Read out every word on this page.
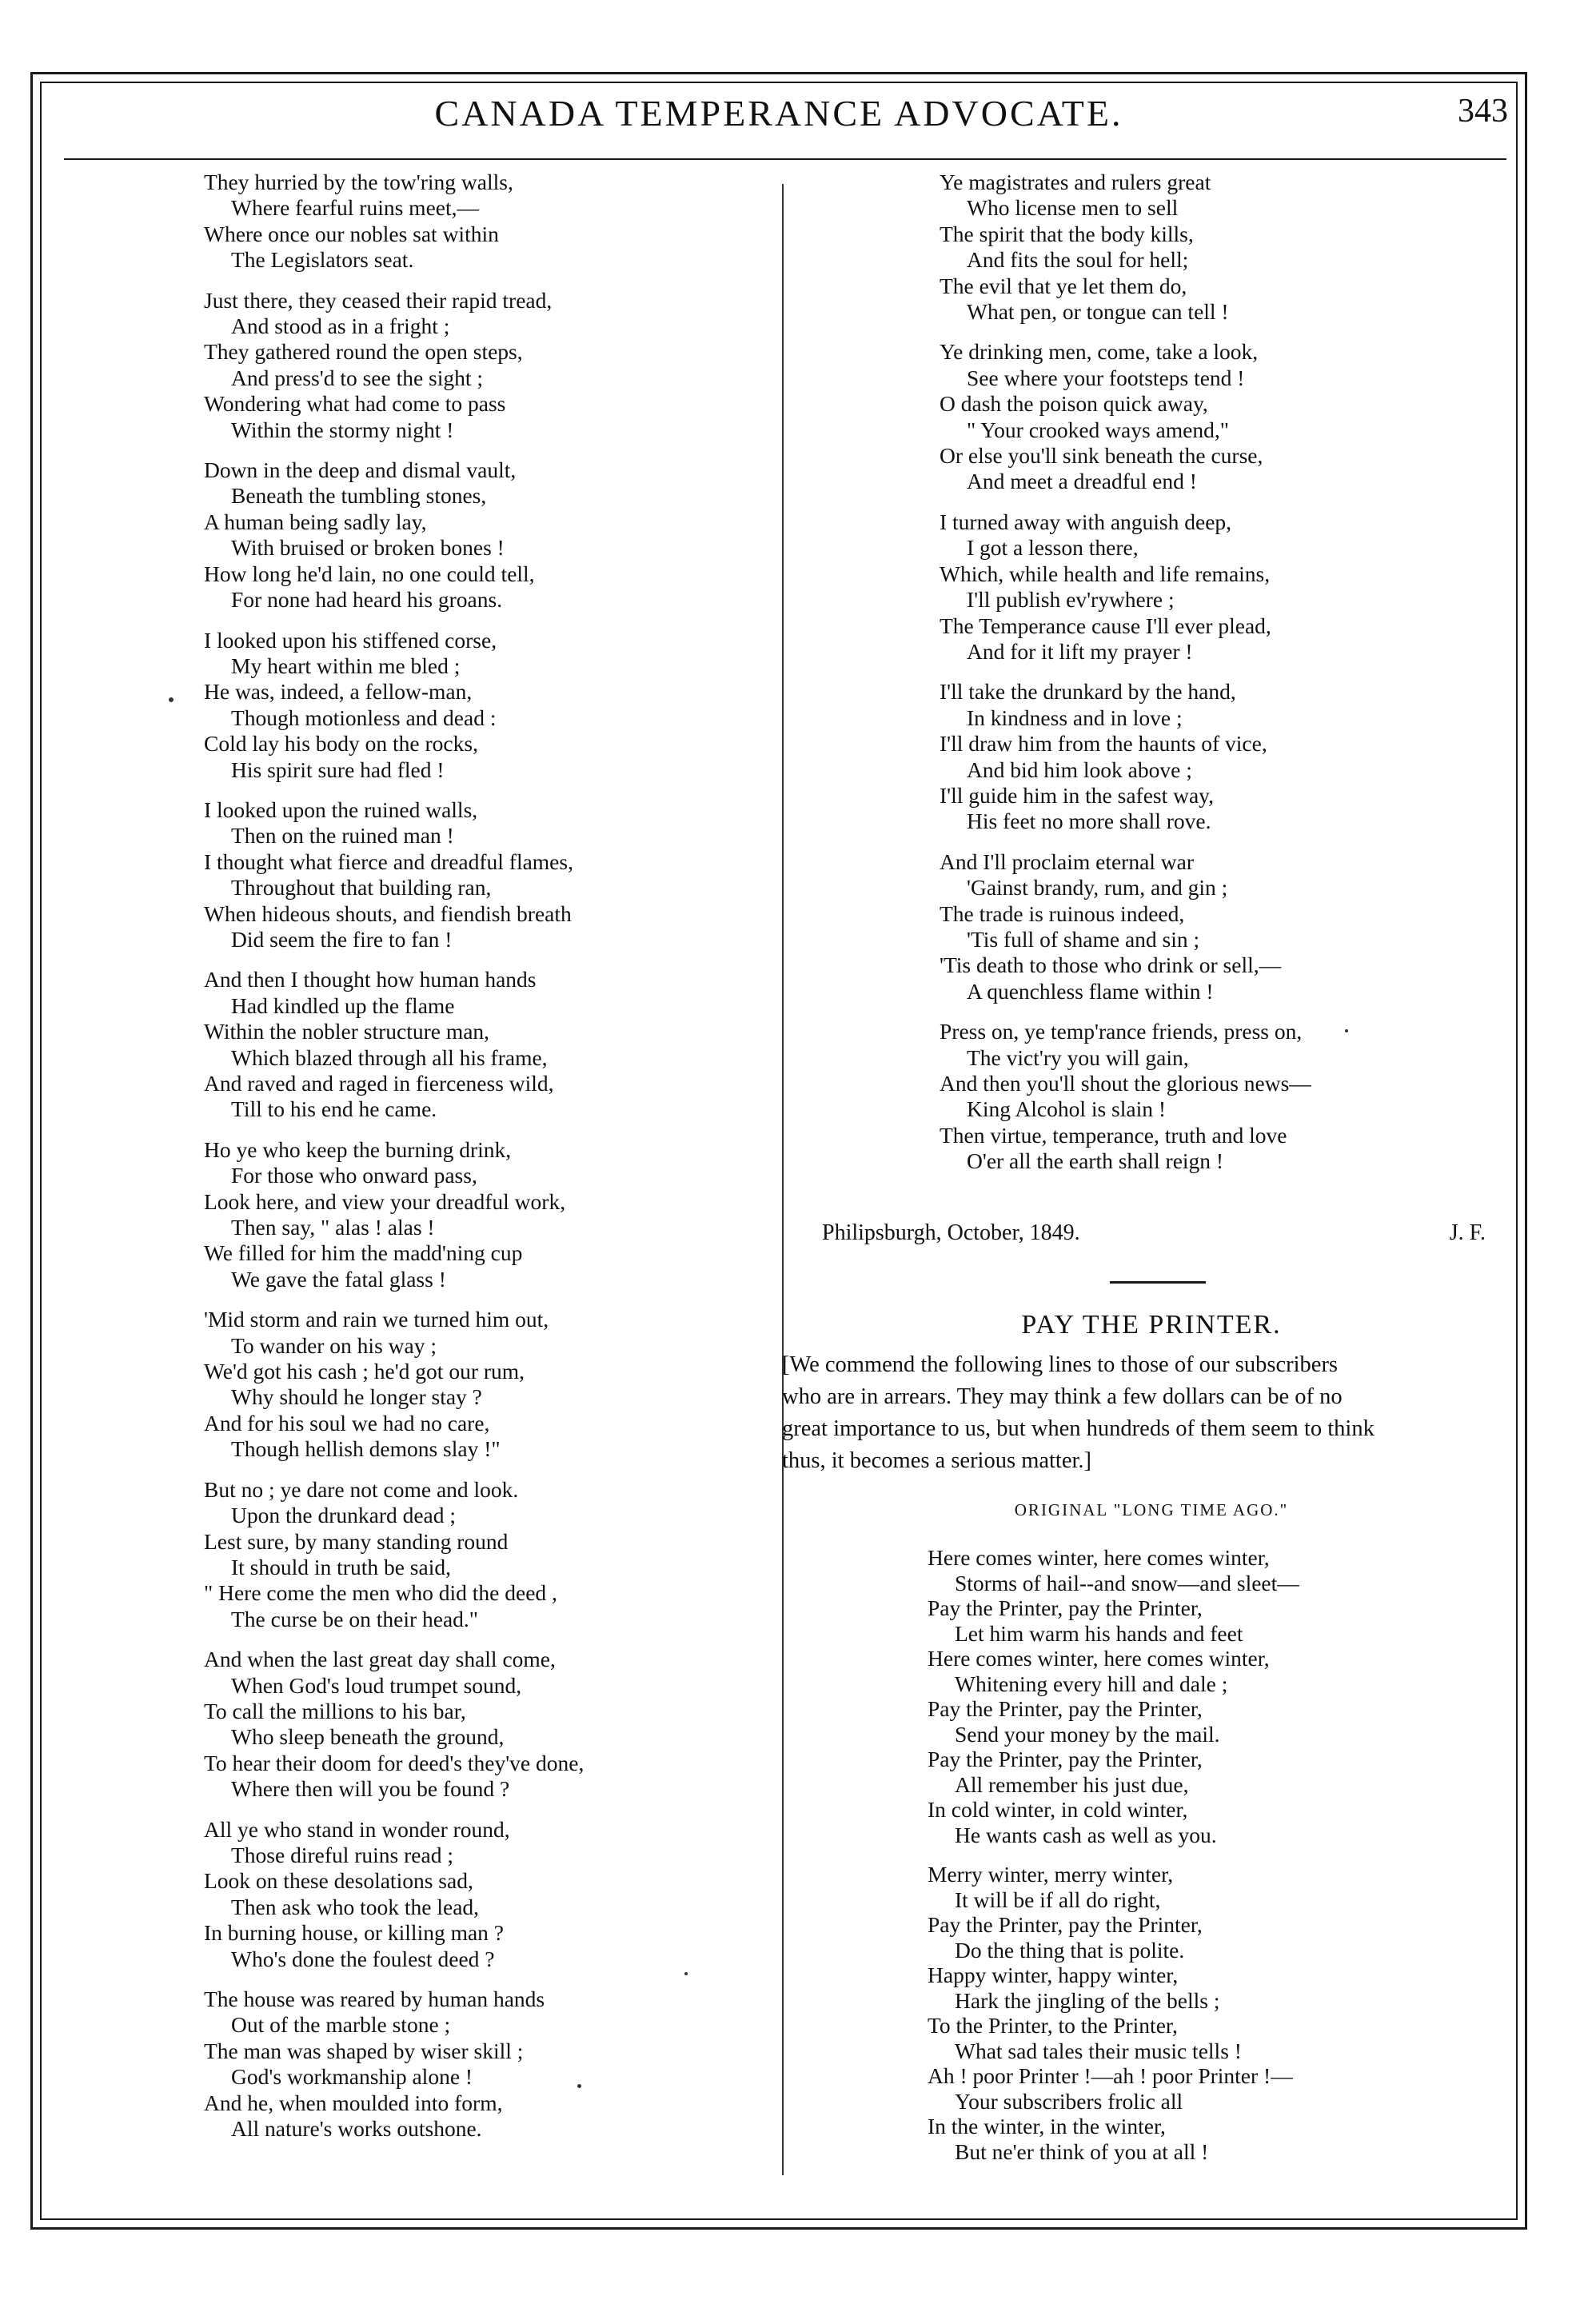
CANADA TEMPERANCE ADVOCATE.	343
They hurried by the tow'ring walls,
Where fearful ruins meet,—
Where once our nobles sat within
The Legislators seat.
Just there, they ceased their rapid tread,
And stood as in a fright ;
They gathered round the open steps,
And press'd to see the sight ;
Wondering what had come to pass
Within the stormy night !
Down in the deep and dismal vault,
Beneath the tumbling stones,
A human being sadly lay,
With bruised or broken bones !
How long he'd lain, no one could tell,
For none had heard his groans.
I looked upon his stiffened corse,
My heart within me bled ;
He was, indeed, a fellow-man,
Though motionless and dead :
Cold lay his body on the rocks,
His spirit sure had fled !
I looked upon the ruined walls,
Then on the ruined man !
I thought what fierce and dreadful flames,
Throughout that building ran,
When hideous shouts, and fiendish breath
Did seem the fire to fan !
And then I thought how human hands
Had kindled up the flame
Within the nobler structure man,
Which blazed through all his frame,
And raved and raged in fierceness wild,
Till to his end he came.
Ho ye who keep the burning drink,
For those who onward pass,
Look here, and view your dreadful work,
Then say, " alas ! alas !
We filled for him the madd'ning cup
We gave the fatal glass !
'Mid storm and rain we turned him out,
To wander on his way ;
We'd got his cash ; he'd got our rum,
Why should he longer stay ?
And for his soul we had no care,
Though hellish demons slay !"
But no ; ye dare not come and look.
Upon the drunkard dead ;
Lest sure, by many standing round
It should in truth be said,
" Here come the men who did the deed ,
The curse be on their head."
And when the last great day shall come,
When God's loud trumpet sound,
To call the millions to his bar,
Who sleep beneath the ground,
To hear their doom for deed's they've done,
Where then will you be found ?
All ye who stand in wonder round,
Those direful ruins read ;
Look on these desolations sad,
Then ask who took the lead,
In burning house, or killing man ?
Who's done the foulest deed ?
The house was reared by human hands
Out of the marble stone ;
The man was shaped by wiser skill ;
God's workmanship alone !
And he, when moulded into form,
All nature's works outshone.
Ye magistrates and rulers great
Who license men to sell
The spirit that the body kills,
And fits the soul for hell;
The evil that ye let them do,
What pen, or tongue can tell !
Ye drinking men, come, take a look,
See where your footsteps tend !
O dash the poison quick away,
" Your crooked ways amend,"
Or else you'll sink beneath the curse,
And meet a dreadful end !
I turned away with anguish deep,
I got a lesson there,
Which, while health and life remains,
I'll publish ev'rywhere ;
The Temperance cause I'll ever plead,
And for it lift my prayer !
I'll take the drunkard by the hand,
In kindness and in love ;
I'll draw him from the haunts of vice,
And bid him look above ;
I'll guide him in the safest way,
His feet no more shall rove.
And I'll proclaim eternal war
'Gainst brandy, rum, and gin ;
The trade is ruinous indeed,
'Tis full of shame and sin ;
'Tis death to those who drink or sell,—
A quenchless flame within !
Press on, ye temp'rance friends, press on,
The vict'ry you will gain,
And then you'll shout the glorious news—
King Alcohol is slain !
Then virtue, temperance, truth and love
O'er all the earth shall reign !
Philipsburgh, October, 1849.	J. F.
PAY THE PRINTER.
[We commend the following lines to those of our subscribers
who are in arrears. They may think a few dollars can be of no
great importance to us, but when hundreds of them seem to think
thus, it becomes a serious matter.]
ORIGINAL "LONG TIME AGO."
Here comes winter, here comes winter,
Storms of hail--and snow—and sleet—
Pay the Printer, pay the Printer,
Let him warm his hands and feet
Here comes winter, here comes winter,
Whitening every hill and dale ;
Pay the Printer, pay the Printer,
Send your money by the mail.
Pay the Printer, pay the Printer,
All remember his just due,
In cold winter, in cold winter,
He wants cash as well as you.
Merry winter, merry winter,
It will be if all do right,
Pay the Printer, pay the Printer,
Do the thing that is polite.
Happy winter, happy winter,
Hark the jingling of the bells ;
To the Printer, to the Printer,
What sad tales their music tells !
Ah ! poor Printer !—ah ! poor Printer !—
Your subscribers frolic all
In the winter, in the winter,
But ne'er think of you at all !
